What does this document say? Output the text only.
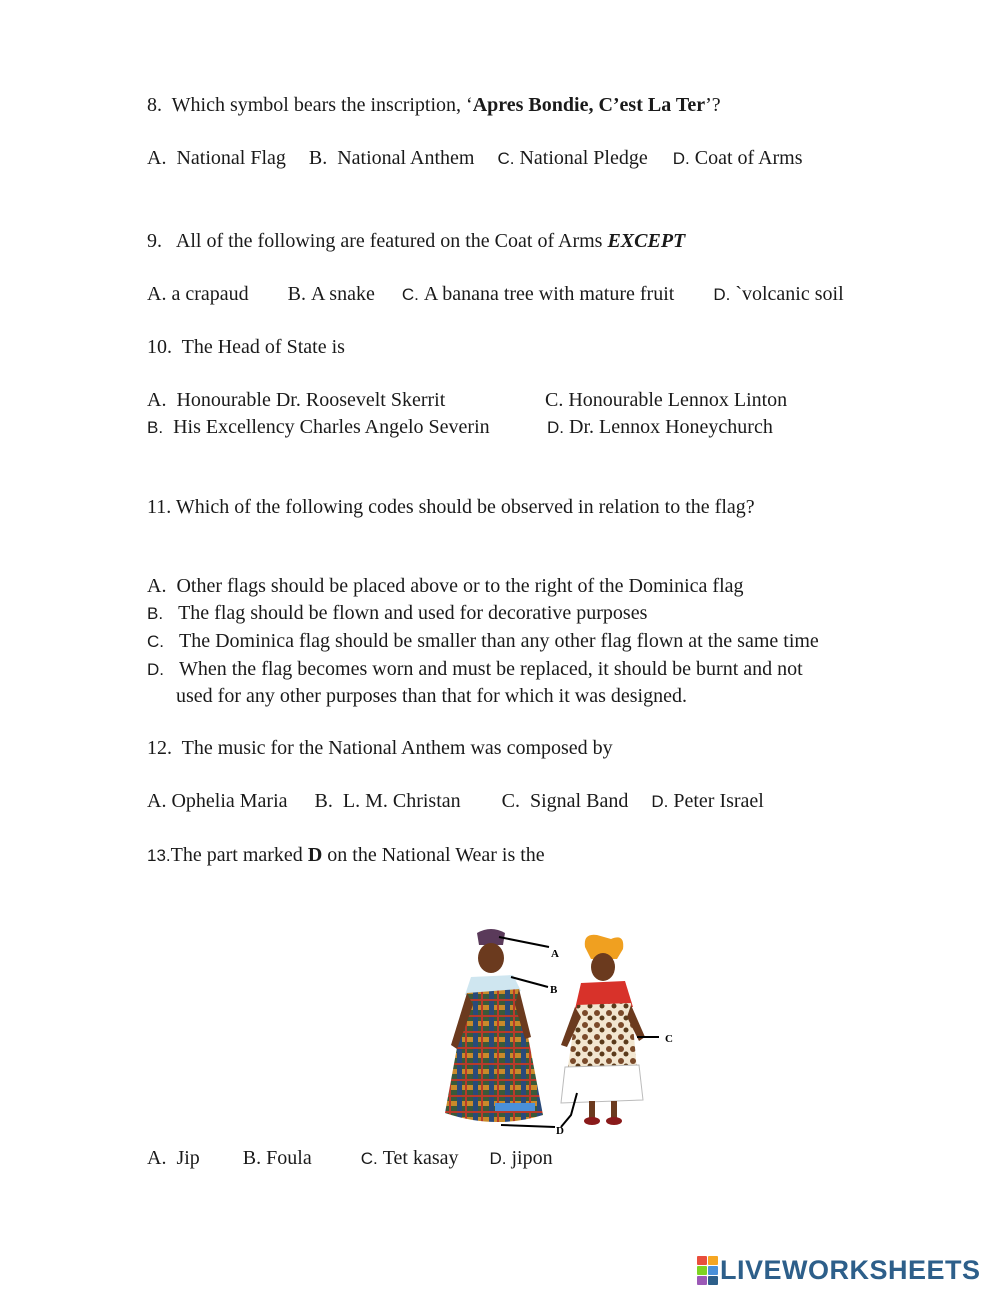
8. Which symbol bears the inscription, ‘Apres Bondie, C’est La Ter’?
A. National Flag B. National Anthem C. National Pledge D. Coat of Arms
9. All of the following are featured on the Coat of Arms EXCEPT
A. a crapaud B. A snake C. A banana tree with mature fruit D. `volcanic soil
10. The Head of State is
A. Honourable Dr. Roosevelt Skerrit	C. Honourable Lennox Linton
B. His Excellency Charles Angelo Severin	D. Dr. Lennox Honeychurch
11. Which of the following codes should be observed in relation to the flag?
A. Other flags should be placed above or to the right of the Dominica flag
B. The flag should be flown and used for decorative purposes
C. The Dominica flag should be smaller than any other flag flown at the same time
D. When the flag becomes worn and must be replaced, it should be burnt and not
used for any other purposes than that for which it was designed.
12. The music for the National Anthem was composed by
A. Ophelia Maria B. L. M. Christan C. Signal Band D. Peter Israel
13.The part marked D on the National Wear is the
A
B
C
D
A. Jip B. Foula	C. Tet kasay D. jipon
LIVEWORKSHEETS
